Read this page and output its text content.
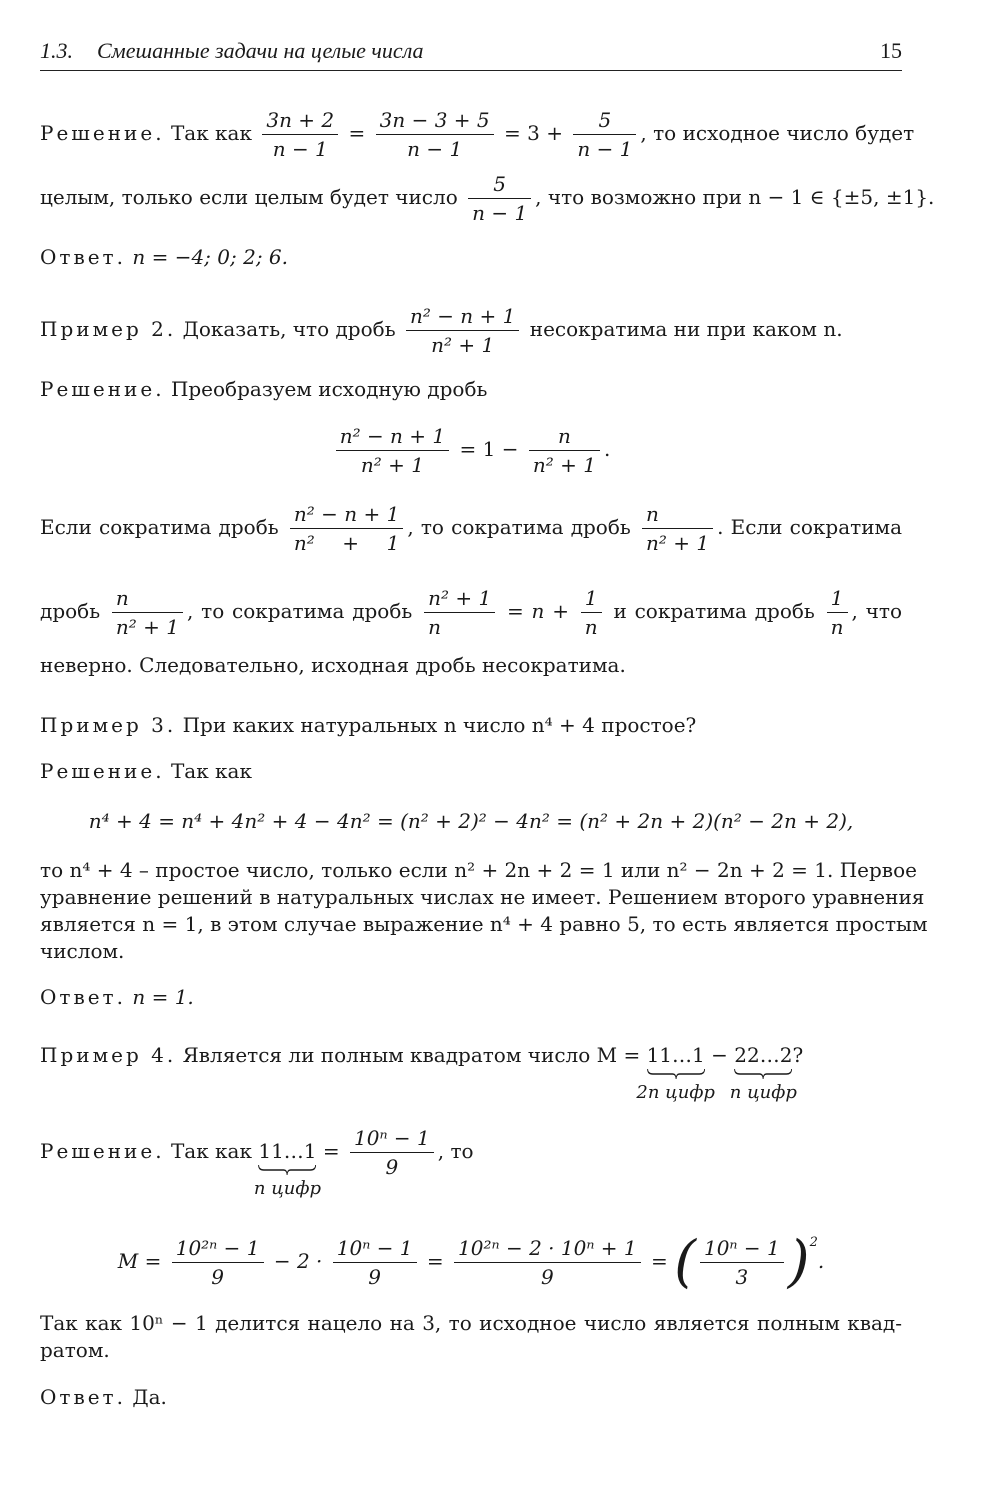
1.3. Смешанные задачи на целые числа	15
Решение. Так как $\frac{3n + 2}{n - 1} = \frac{3n - 3 + 5}{n - 1} = 3 + \frac{5}{n - 1}$ , то исходное число будет
целым, только если целым будет число $\frac{5}{n - 1}$ , что возможно при n − 1 ∈ {±5, ±1}.
Ответ. n = −4; 0; 2; 6.
Пример 2. Доказать, что дробь $\frac{\text{n² − n + 1}}{\text{n² + 1}}$ несократима ни при каком n.
Решение. Преобразуем исходную дробь
$\frac{\text{n² − n + 1}}{\text{n² + 1}} = 1 - \frac{n}{\text{n² + 1}}$ .
Если сократима дробь $\frac{\text{n² − n + 1}}{\text{n² + 1}}$ , то сократима дробь $\frac{n}{\text{n² + 1}}$ . Если сократима
дробь $\frac{n}{\text{n² + 1}}$ , то сократима дробь $\frac{\text{n² + 1}}{n} = n + \frac{1}{n}$ и сократима дробь $\frac{1}{n}$ , что
неверно. Следовательно, исходная дробь несократима.
Пример 3. При каких натуральных n число n⁴ + 4 простое?
Решение. Так как
n⁴ + 4 = n⁴ + 4n² + 4 − 4n² = (n² + 2)² − 4n² = (n² + 2n + 2)(n² − 2n + 2),
то n⁴ + 4 – простое число, только если n² + 2n + 2 = 1 или n² − 2n + 2 = 1. Первое
уравнение решений в натуральных числах не имеет. Решением второго уравнения
является n = 1, в этом случае выражение n⁴ + 4 равно 5, то есть является простым
числом.
Ответ. n = 1.
Пример 4. Является ли полным квадратом число M = 11…1
2n цифр
− 22…2
n цифр
?
Решение. Так как 11…1
n цифр
= $\frac{\text{10ⁿ − 1}}{9}$ , то
$M = \frac{\text{10²ⁿ − 1}}{9} - 2 \cdot \frac{\text{10ⁿ − 1}}{9} = \frac{\text{10²ⁿ − 2 · 10ⁿ + 1}}{9}$ = ( $\frac{\text{10ⁿ − 1}}{3} )^2$.
Так как 10ⁿ − 1 делится нацело на 3, то исходное число является полным квад-
ратом.
Ответ. Да.
